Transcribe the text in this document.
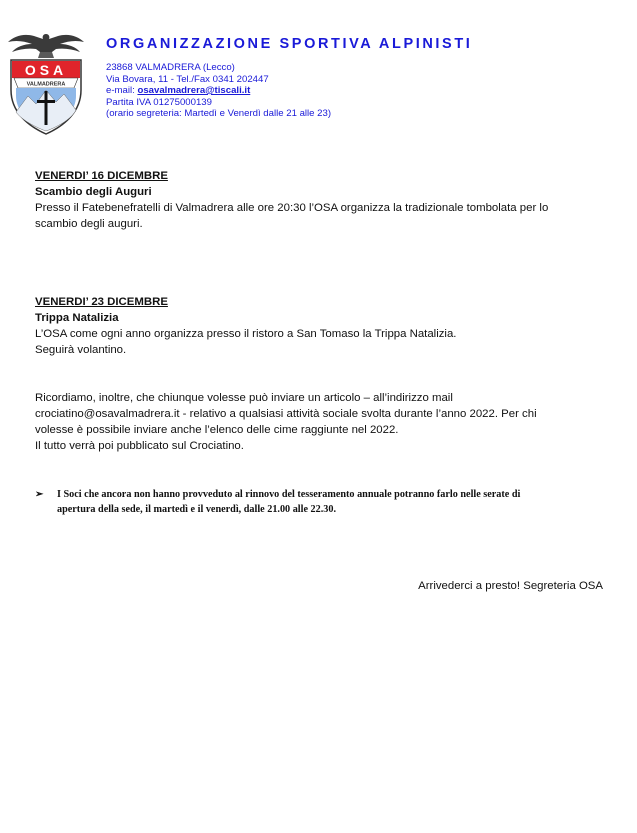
OSA
VALMADRERA
ORGANIZZAZIONE SPORTIVA ALPINISTI
23868 VALMADRERA (Lecco)
Via Bovara, 11 - Tel./Fax 0341 202447
e-mail: osavalmadrera@tiscali.it
Partita IVA 01275000139
(orario segreteria: Martedì e Venerdì dalle 21 alle 23)
VENERDI’ 16 DICEMBRE
Scambio degli Auguri
Presso il Fatebenefratelli di Valmadrera alle ore 20:30 l’OSA organizza la tradizionale tombolata per lo
scambio degli auguri.
VENERDI’ 23 DICEMBRE
Trippa Natalizia
L’OSA come ogni anno organizza presso il ristoro a San Tomaso la Trippa Natalizia.
Seguirà volantino.
Ricordiamo, inoltre, che chiunque volesse può inviare un articolo – all’indirizzo mail
crociatino@osavalmadrera.it - relativo a qualsiasi attività sociale svolta durante l’anno 2022. Per chi
volesse è possibile inviare anche l’elenco delle cime raggiunte nel 2022.
Il tutto verrà poi pubblicato sul Crociatino.
➢ I Soci che ancora non hanno provveduto al rinnovo del tesseramento annuale potranno farlo nelle serate di
apertura della sede, il martedì e il venerdì, dalle 21.00 alle 22.30.
Arrivederci a presto! Segreteria OSA
